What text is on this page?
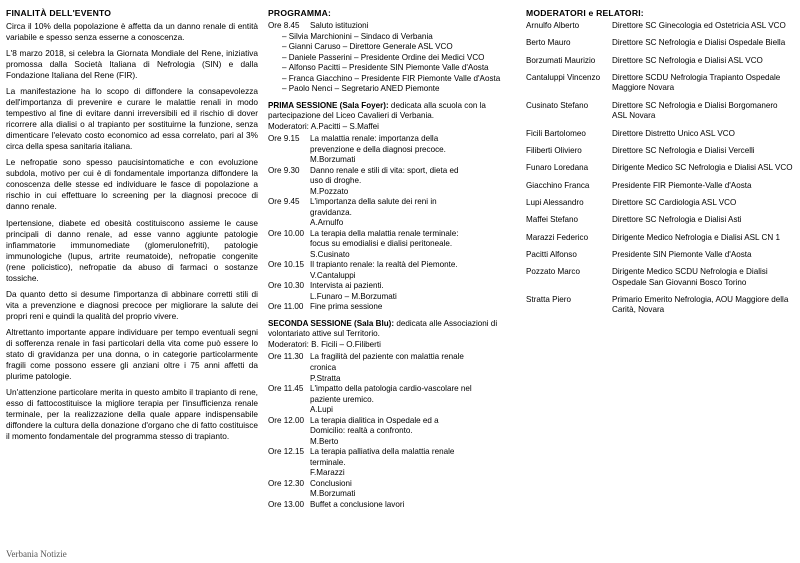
FINALITÀ DELL'EVENTO

Circa il 10% della popolazione è affetta da un danno renale di entità variabile e spesso senza esserne a conoscenza.

L'8 marzo 2018, si celebra la Giornata Mondiale del Rene, iniziativa promossa dalla Società Italiana di Nefrologia (SIN) e dalla Fondazione Italiana del Rene (FIR).

La manifestazione ha lo scopo di diffondere la consapevolezza dell'importanza di prevenire e curare le malattie renali in modo tempestivo al fine di evitare danni irreversibili ed il rischio di dover ricorrere alla dialisi o al trapianto per sostituirne la funzione, senza dimenticare l'elevato costo economico ad essa correlato, pari al 3% circa della spesa sanitaria italiana.

Le nefropatie sono spesso paucisintomatiche e con evoluzione subdola, motivo per cui è di fondamentale importanza diffondere la conoscenza delle stesse ed individuare le fasce di popolazione a rischio in cui effettuare lo screening per la diagnosi precoce di danno renale.

Ipertensione, diabete ed obesità costituiscono assieme le cause principali di danno renale, ad esse vanno aggiunte patologie infiammatorie immunomediate (glomerulonefriti), patologie immunologiche (lupus, artrite reumatoide), nefropatie congenite (rene policistico), nefropatie da abuso di farmaci o sostanze tossiche.

Da quanto detto si desume l'importanza di abbinare corretti stili di vita a prevenzione e diagnosi precoce per migliorare la salute dei propri reni e quindi la qualità del proprio vivere.

Altrettanto importante appare individuare per tempo eventuali segni di sofferenza renale in fasi particolari della vita come può essere lo stato di gravidanza per una donna, o in categorie particolarmente fragili come possono essere gli anziani oltre i 75 anni affetti da plurime patologie.

Un'attenzione particolare merita in questo ambito il trapianto di rene, esso di fattocostituisce la migliore terapia per l'insufficienza renale terminale, per la realizzazione della quale appare indispensabile diffondere la cultura della donazione d'organo che di fatto costituisce il momento fondamentale del programma stesso di trapianto.

PROGRAMMA:
Ore 8.45	Saluto istituzioni
– Silvia Marchionini – Sindaco di Verbania
– Gianni Caruso – Direttore Generale ASL VCO
– Daniele Passerini – Presidente Ordine dei Medici VCO
– Alfonso Pacitti – Presidente SIN Piemonte Valle d'Aosta
– Franca Giacchino – Presidente FIR Piemonte Valle d'Aosta
– Paolo Nenci – Segretario ANED Piemonte
PRIMA SESSIONE (Sala Foyer): dedicata alla scuola con la partecipazione del Liceo Cavalieri di Verbania.
Moderatori: A.Pacitti – S.Maffei
Ore 9.15	La malattia renale: importanza della
prevenzione e della diagnosi precoce.
M.Borzumati
Ore 9.30	Danno renale e stili di vita: sport, dieta ed
uso di droghe.
M.Pozzato
Ore 9.45	L'importanza della salute dei reni in
gravidanza.
A.Arnulfo
Ore 10.00 La terapia della malattia renale terminale:
focus su emodialisi e dialisi peritoneale.
S.Cusinato
Ore 10.15 Il trapianto renale: la realtà del Piemonte.
V.Cantaluppi
Ore 10.30 Intervista ai pazienti.
L.Funaro – M.Borzumati
Ore 11.00 Fine prima sessione
SECONDA SESSIONE (Sala Blu): dedicata alle Associazioni di volontariato attive sul Territorio.
Moderatori: B. Ficili – O.Filiberti
Ore 11.30 La fragilità del paziente con malattia renale
cronica
P.Stratta
Ore 11.45 L'impatto della patologia cardio-vascolare nel
paziente uremico.
A.Lupi
Ore 12.00 La terapia dialitica in Ospedale ed a
Domicilio: realtà a confronto.
M.Berto
Ore 12.15 La terapia palliativa della malattia renale
terminale.
F.Marazzi
Ore 12.30 Conclusioni
M.Borzumati
Ore 13.00 Buffet a conclusione lavori
MODERATORI e RELATORI:
Arnulfo Alberto	Direttore SC Ginecologia ed Ostetricia ASL VCO

Berto Mauro	Direttore SC Nefrologia e Dialisi Ospedale Biella

Borzumati Maurizio	Direttore SC Nefrologia e Dialisi ASL VCO

Cantaluppi Vincenzo	Direttore SCDU Nefrologia Trapianto Ospedale
Maggiore Novara

Cusinato Stefano	Direttore SC Nefrologia e Dialisi Borgomanero
ASL Novara

Ficili Bartolomeo	Direttore Distretto Unico ASL VCO

Filiberti Oliviero	Direttore SC Nefrologia e Dialisi Vercelli

Funaro Loredana	Dirigente Medico SC Nefrologia e Dialisi ASL VCO

Giacchino Franca	Presidente FIR Piemonte-Valle d'Aosta

Lupi Alessandro	Direttore SC Cardiologia ASL VCO

Maffei Stefano	Direttore SC Nefrologia e Dialisi Asti

Marazzi Federico	Dirigente Medico Nefrologia e Dialisi ASL CN 1

Pacitti Alfonso	Presidente SIN Piemonte Valle d'Aosta

Pozzato Marco	Dirigente Medico SCDU Nefrologia e Dialisi
Ospedale San Giovanni Bosco Torino

Stratta Piero	Primario Emerito Nefrologia, AOU Maggiore della
Carità, Novara
Verbania Notizie
